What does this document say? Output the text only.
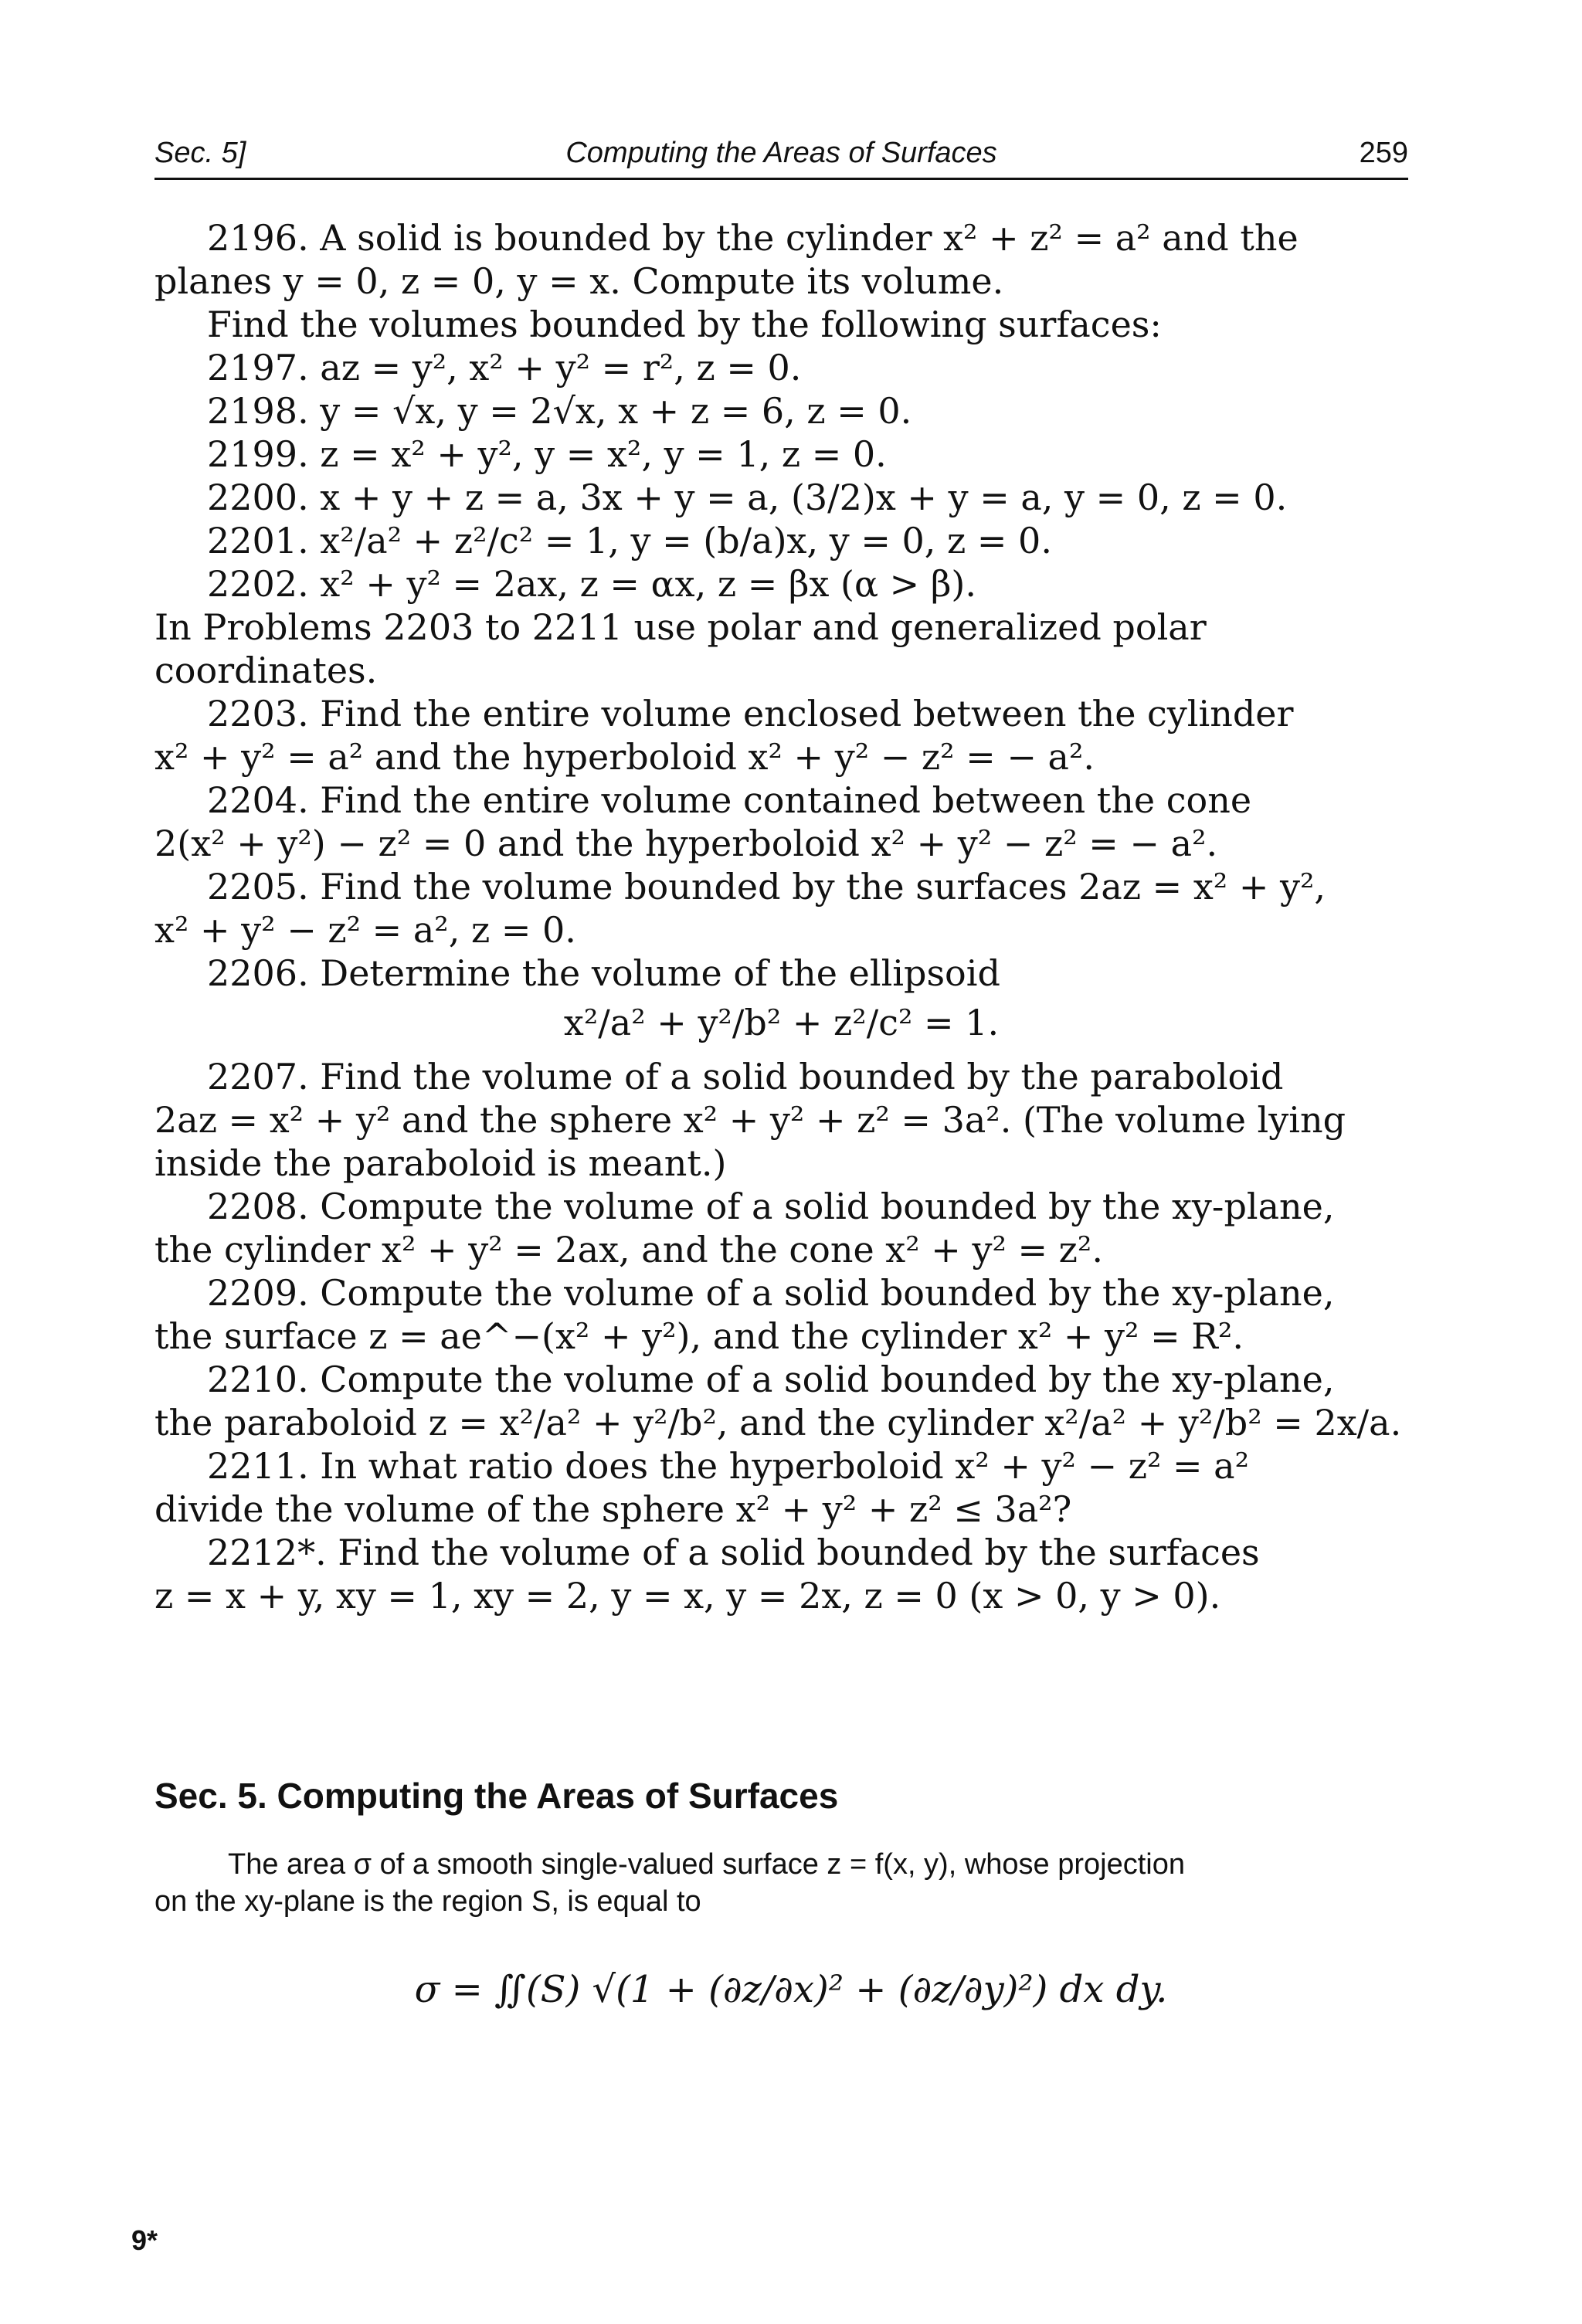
Sec. 5]	Computing the Areas of Surfaces	259
2196. A solid is bounded by the cylinder x² + z² = a² and the
planes y = 0, z = 0, y = x. Compute its volume.
Find the volumes bounded by the following surfaces:
2197. az = y², x² + y² = r², z = 0.
2198. y = √x, y = 2√x, x + z = 6, z = 0.
2199. z = x² + y², y = x², y = 1, z = 0.
2200. x + y + z = a, 3x + y = a, (3/2)x + y = a, y = 0, z = 0.
2201. x²/a² + z²/c² = 1, y = (b/a)x, y = 0, z = 0.
2202. x² + y² = 2ax, z = αx, z = βx (α > β).
In Problems 2203 to 2211 use polar and generalized polar
coordinates.
2203. Find the entire volume enclosed between the cylinder
x² + y² = a² and the hyperboloid x² + y² − z² = − a².
2204. Find the entire volume contained between the cone
2(x² + y²) − z² = 0 and the hyperboloid x² + y² − z² = − a².
2205. Find the volume bounded by the surfaces 2az = x² + y²,
x² + y² − z² = a², z = 0.
2206. Determine the volume of the ellipsoid
x²/a² + y²/b² + z²/c² = 1.
2207. Find the volume of a solid bounded by the paraboloid
2az = x² + y² and the sphere x² + y² + z² = 3a². (The volume lying
inside the paraboloid is meant.)
2208. Compute the volume of a solid bounded by the xy-plane,
the cylinder x² + y² = 2ax, and the cone x² + y² = z².
2209. Compute the volume of a solid bounded by the xy-plane,
the surface z = ae^−(x² + y²), and the cylinder x² + y² = R².
2210. Compute the volume of a solid bounded by the xy-plane,
the paraboloid z = x²/a² + y²/b², and the cylinder x²/a² + y²/b² = 2x/a.
2211. In what ratio does the hyperboloid x² + y² − z² = a²
divide the volume of the sphere x² + y² + z² ≤ 3a²?
2212*. Find the volume of a solid bounded by the surfaces
z = x + y, xy = 1, xy = 2, y = x, y = 2x, z = 0 (x > 0, y > 0).
Sec. 5. Computing the Areas of Surfaces
The area σ of a smooth single-valued surface z = f(x, y), whose projection
on the xy-plane is the region S, is equal to
σ = ∬(S) √(1 + (∂z/∂x)² + (∂z/∂y)²) dx dy.
9*
